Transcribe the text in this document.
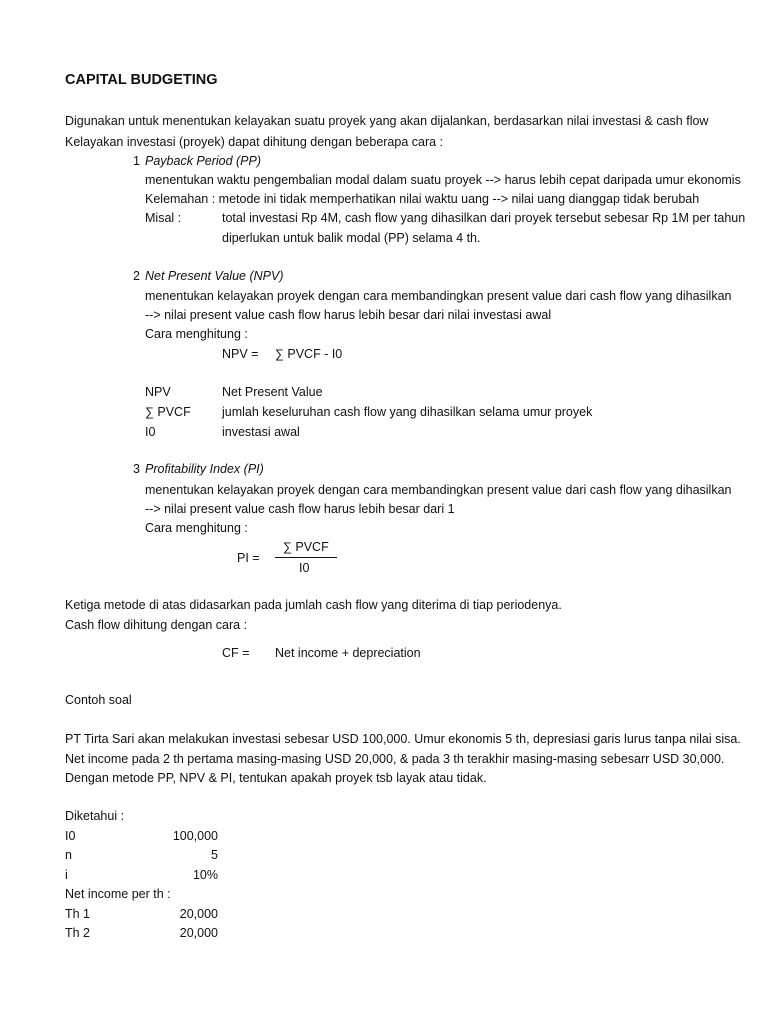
CAPITAL BUDGETING
Digunakan untuk menentukan kelayakan suatu proyek yang akan dijalankan, berdasarkan nilai investasi & cash flow
Kelayakan investasi (proyek) dapat dihitung dengan beberapa cara :
1 Payback Period (PP)
menentukan waktu pengembalian modal dalam suatu proyek --> harus lebih cepat daripada umur ekonomis
Kelemahan : metode ini tidak memperhatikan nilai waktu uang --> nilai uang dianggap tidak berubah
Misal :	total investasi Rp 4M, cash flow yang dihasilkan dari proyek tersebut sebesar Rp 1M per tahun
diperlukan untuk balik modal (PP) selama 4 th.
2 Net Present Value (NPV)
menentukan kelayakan proyek dengan cara membandingkan present value dari cash flow yang dihasilkan
--> nilai present value cash flow harus lebih besar dari nilai investasi awal
Cara menghitung :
NPV = ∑ PVCF - I0
NPV	Net Present Value
∑ PVCF	jumlah keseluruhan cash flow yang dihasilkan selama umur proyek
I0	investasi awal
3 Profitability Index (PI)
menentukan kelayakan proyek dengan cara membandingkan present value dari cash flow yang dihasilkan
--> nilai present value cash flow harus lebih besar dari 1
Cara menghitung :
PI =
∑ PVCF
I0
Ketiga metode di atas didasarkan pada jumlah cash flow yang diterima di tiap periodenya.
Cash flow dihitung dengan cara :
CF = Net income + depreciation
Contoh soal
PT Tirta Sari akan melakukan investasi sebesar USD 100,000. Umur ekonomis 5 th, depresiasi garis lurus tanpa nilai sisa.
Net income pada 2 th pertama masing-masing USD 20,000, & pada 3 th terakhir masing-masing sebesarr USD 30,000.
Dengan metode PP, NPV & PI, tentukan apakah proyek tsb layak atau tidak.
Diketahui :
I0	100,000
n	5
i	10%
Net income per th :
Th 1	20,000
Th 2	20,000
